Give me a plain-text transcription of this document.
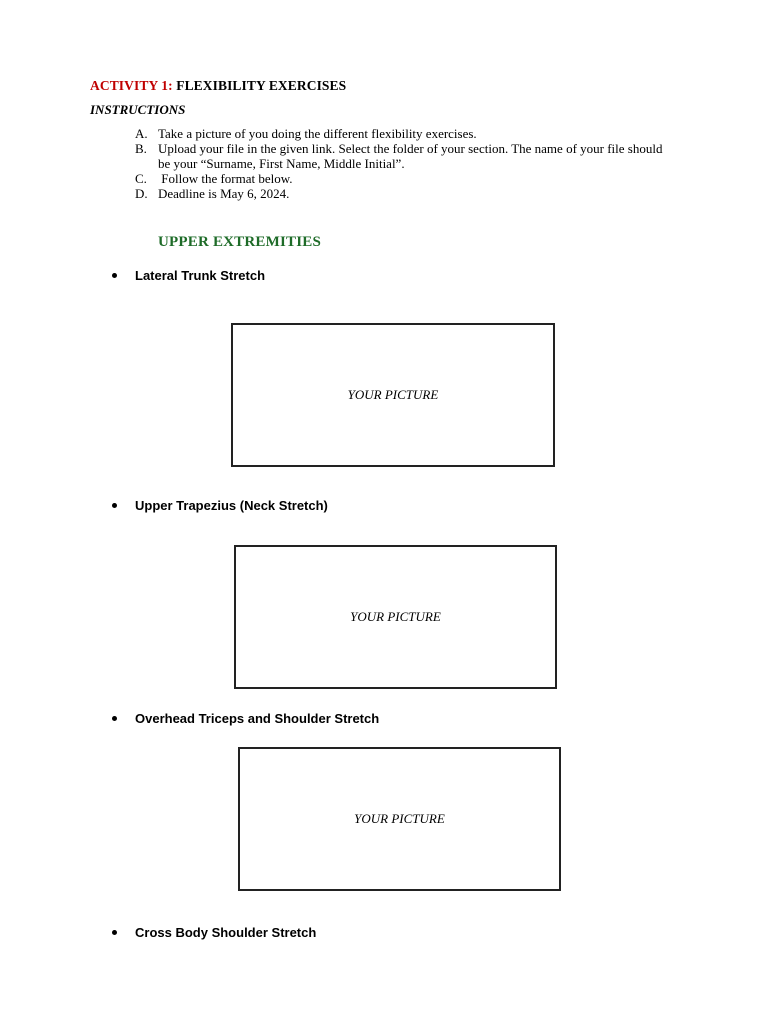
ACTIVITY 1: FLEXIBILITY EXERCISES
INSTRUCTIONS
A. Take a picture of you doing the different flexibility exercises.
B. Upload your file in the given link. Select the folder of your section. The name of your file should be your “Surname, First Name, Middle Initial”.
C. Follow the format below.
D. Deadline is May 6, 2024.
UPPER EXTREMITIES
Lateral Trunk Stretch
YOUR PICTURE
Upper Trapezius (Neck Stretch)
YOUR PICTURE
Overhead Triceps and Shoulder Stretch
YOUR PICTURE
Cross Body Shoulder Stretch
